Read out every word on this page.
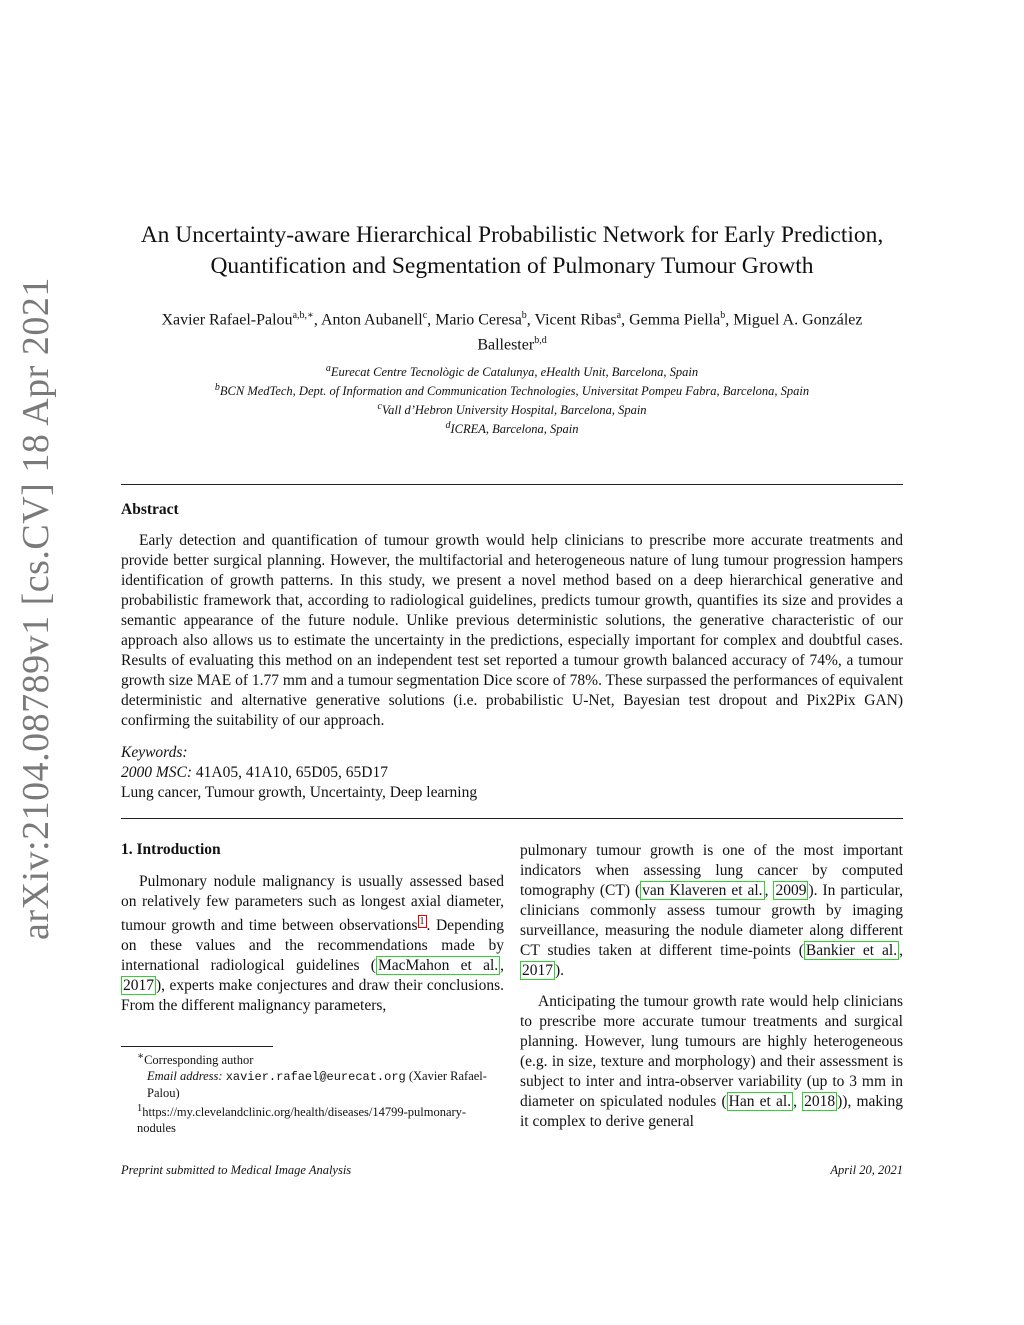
arXiv:2104.08789v1 [cs.CV] 18 Apr 2021
An Uncertainty-aware Hierarchical Probabilistic Network for Early Prediction,
Quantification and Segmentation of Pulmonary Tumour Growth
Xavier Rafael-Palou$^{a,b,∗}$, Anton Aubanell$^c$, Mario Ceresa$^b$, Vicent Ribas$^a$, Gemma Piella$^b$, Miguel A. González
Ballester$^{b,d}$
$^a$Eurecat Centre Tecnològic de Catalunya, eHealth Unit, Barcelona, Spain
$^b$BCN MedTech, Dept. of Information and Communication Technologies, Universitat Pompeu Fabra, Barcelona, Spain
$^c$Vall d’Hebron University Hospital, Barcelona, Spain
$^d$ICREA, Barcelona, Spain
Abstract
Early detection and quantification of tumour growth would help clinicians to prescribe more accurate treatments and provide better surgical planning. However, the multifactorial and heterogeneous nature of lung tumour progression hampers identification of growth patterns. In this study, we present a novel method based on a deep hierarchical generative and probabilistic framework that, according to radiological guidelines, predicts tumour growth, quantifies its size and provides a semantic appearance of the future nodule. Unlike previous deterministic solutions, the generative characteristic of our approach also allows us to estimate the uncertainty in the predictions, especially important for complex and doubtful cases. Results of evaluating this method on an independent test set reported a tumour growth balanced accuracy of 74%, a tumour growth size MAE of 1.77 mm and a tumour segmentation Dice score of 78%. These surpassed the performances of equivalent deterministic and alternative generative solutions (i.e. probabilistic U-Net, Bayesian test dropout and Pix2Pix GAN) confirming the suitability of our approach.
Keywords:
2000 MSC: 41A05, 41A10, 65D05, 65D17
Lung cancer, Tumour growth, Uncertainty, Deep learning
1. Introduction

Pulmonary nodule malignancy is usually assessed based on relatively few parameters such as longest axial diameter, tumour growth and time between observations $^1$ . Depending on these values and the recommendations made by international radiological guidelines ( MacMahon et al. , 2017 ), experts make conjectures and draw their conclusions. From the different malignancy parameters,

pulmonary tumour growth is one of the most important indicators when assessing lung cancer by computed tomography (CT) ( van Klaveren et al. , 2009 ). In particular, clinicians commonly assess tumour growth by imaging surveillance, measuring the nodule diameter along different CT studies taken at different time-points ( Bankier et al. , 2017 ).

Anticipating the tumour growth rate would help clinicians to prescribe more accurate tumour treatments and surgical planning. However, lung tumours are highly heterogeneous (e.g. in size, texture and morphology) and their assessment is subject to inter and intra-observer variability (up to 3 mm in diameter on spiculated nodules ( Han et al. , 2018 )), making it complex to derive general

∗Corresponding author
Email address: xavier.rafael@eurecat.org (Xavier Rafael-Palou)
$^1$https://my.clevelandclinic.org/health/diseases/14799-pulmonary-nodules
Preprint submitted to Medical Image Analysis	April 20, 2021
